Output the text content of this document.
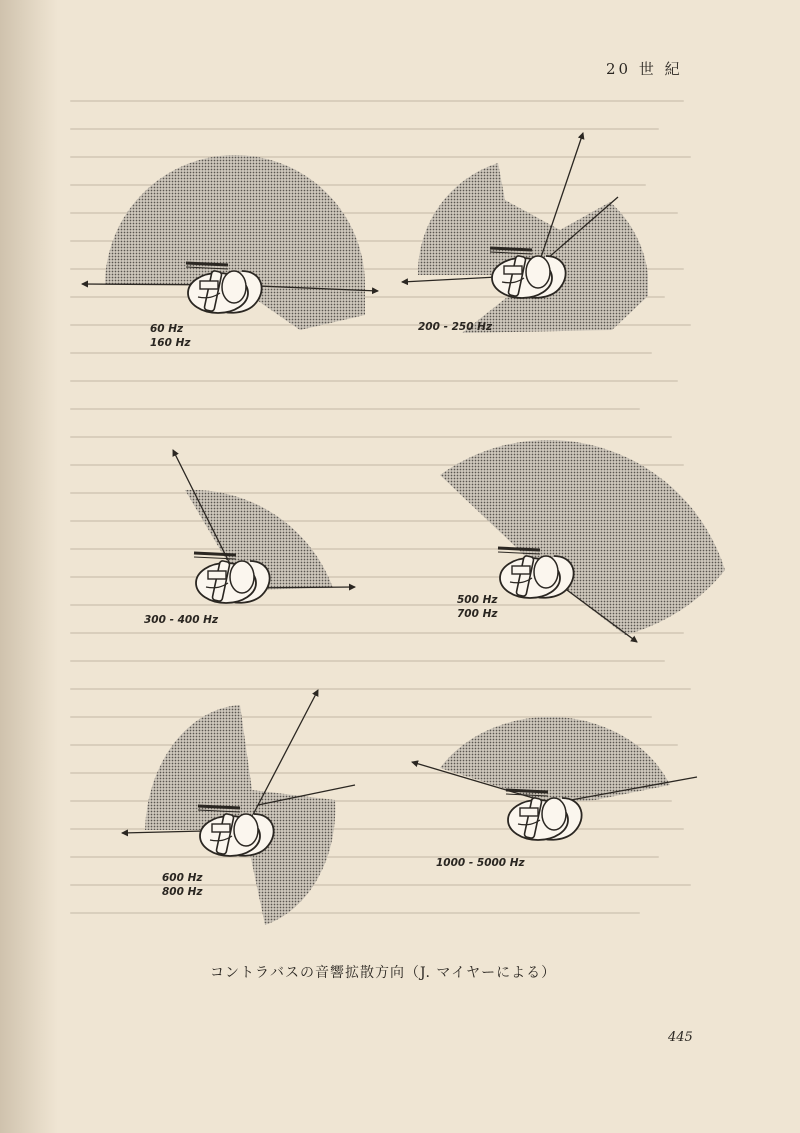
20 世 紀
60 Hz
160 Hz
200 - 250 Hz
300 - 400 Hz
500 Hz
700 Hz
600 Hz
800 Hz
1000 - 5000 Hz
コントラバスの音響拡散方向（J. マイヤーによる）
445
